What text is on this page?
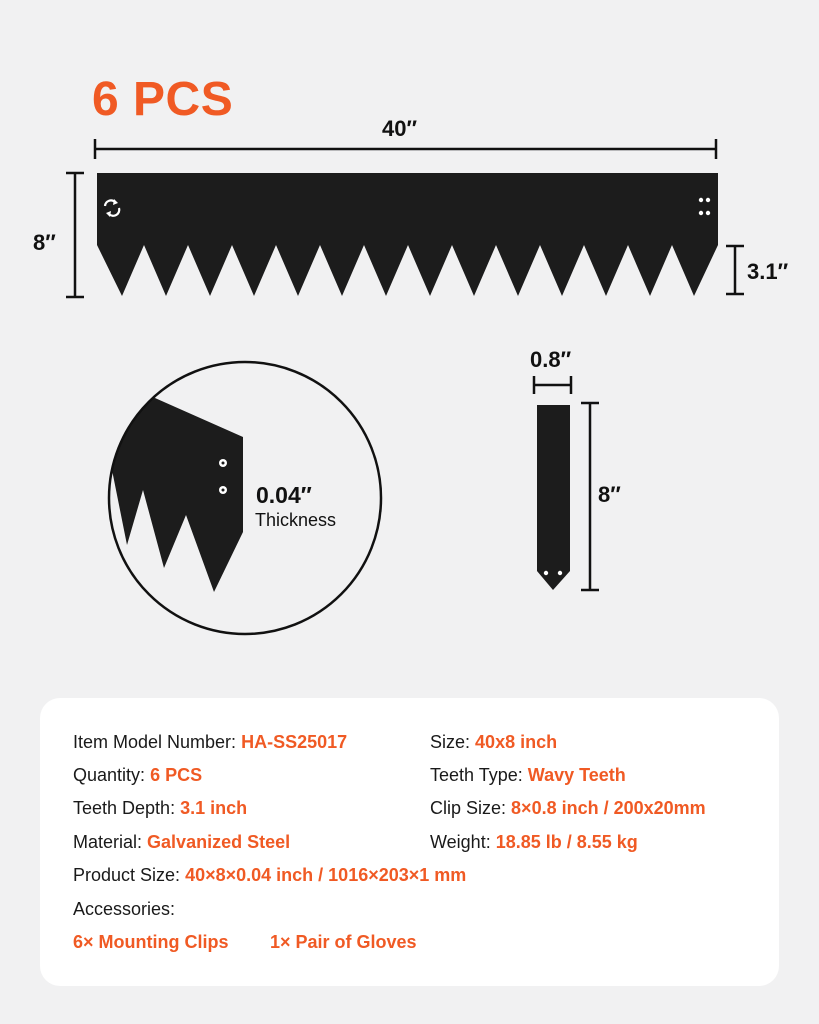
6 PCS
40″
8″
3.1″
0.8″
8″
0.04″
Thickness
Item Model Number: HA-SS25017	Size: 40x8 inch
Quantity: 6 PCS	Teeth Type: Wavy Teeth
Teeth Depth: 3.1 inch	Clip Size: 8×0.8 inch / 200x20mm
Material: Galvanized Steel	Weight: 18.85 lb / 8.55 kg
Product Size: 40×8×0.04 inch / 1016×203×1 mm
Accessories:
6× Mounting Clips 1× Pair of Gloves
